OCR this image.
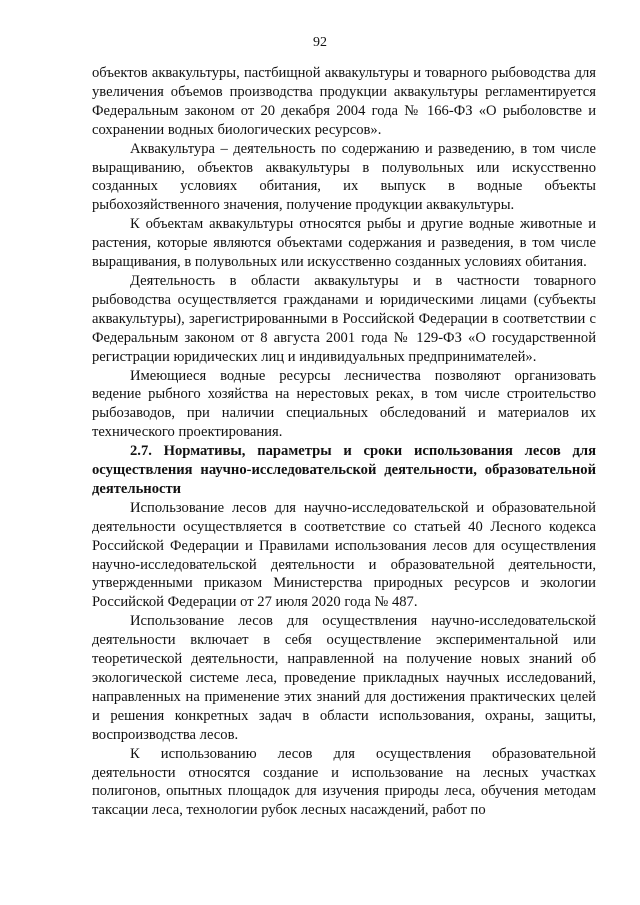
92

объектов аквакультуры, пастбищной аквакультуры и товарного рыбоводства для увеличения объемов производства продукции аквакультуры регламентируется Федеральным законом от 20 декабря 2004 года № 166-ФЗ «О рыболовстве и сохранении водных биологических ресурсов».

Аквакультура – деятельность по содержанию и разведению, в том числе выращиванию, объектов аквакультуры в полувольных или искусственно созданных условиях обитания, их выпуск в водные объекты рыбохозяйственного значения, получение продукции аквакультуры.

К объектам аквакультуры относятся рыбы и другие водные животные и растения, которые являются объектами содержания и разведения, в том числе выращивания, в полувольных или искусственно созданных условиях обитания.

Деятельность в области аквакультуры и в частности товарного рыбоводства осуществляется гражданами и юридическими лицами (субъекты аквакультуры), зарегистрированными в Российской Федерации в соответствии с Федеральным законом от 8 августа 2001 года № 129-ФЗ «О государственной регистрации юридических лиц и индивидуальных предпринимателей».

Имеющиеся водные ресурсы лесничества позволяют организовать ведение рыбного хозяйства на нерестовых реках, в том числе строительство рыбозаводов, при наличии специальных обследований и материалов их технического проектирования.

2.7. Нормативы, параметры и сроки использования лесов для осуществления научно-исследовательской деятельности, образовательной деятельности

Использование лесов для научно-исследовательской и образовательной деятельности осуществляется в соответствие со статьей 40 Лесного кодекса Российской Федерации и Правилами использования лесов для осуществления научно-исследовательской деятельности и образовательной деятельности, утвержденными приказом Министерства природных ресурсов и экологии Российской Федерации от 27 июля 2020 года № 487.

Использование лесов для осуществления научно-исследовательской деятельности включает в себя осуществление экспериментальной или теоретической деятельности, направленной на получение новых знаний об экологической системе леса, проведение прикладных научных исследований, направленных на применение этих знаний для достижения практических целей и решения конкретных задач в области использования, охраны, защиты, воспроизводства лесов.

К использованию лесов для осуществления образовательной деятельности относятся создание и использование на лесных участках полигонов, опытных площадок для изучения природы леса, обучения методам таксации леса, технологии рубок лесных насаждений, работ по
